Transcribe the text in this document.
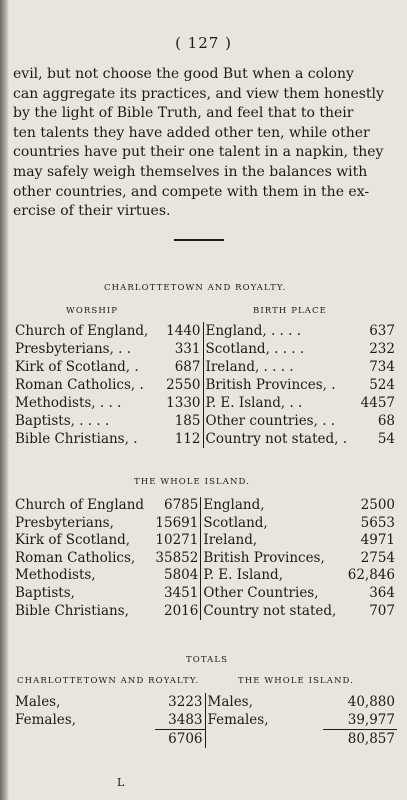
( 127 )
evil, but not choose the good But when a colony
can aggregate its practices, and view them honestly
by the light of Bible Truth, and feel that to their
ten talents they have added other ten, while other
countries have put their one talent in a napkin, they
may safely weigh themselves in the balances with
other countries, and compete with them in the ex-
ercise of their virtues.
CHARLOTTETOWN AND ROYALTY.
WORSHIP	BIRTH PLACE
Church of England,	1440	England, . . . .	637
Presbyterians, . .	331	Scotland, . . . .	232
Kirk of Scotland, .	687	Ireland, . . . .	734
Roman Catholics, .	2550	British Provinces, .	524
Methodists, . . .	1330	P. E. Island, . .	4457
Baptists, . . . .	185	Other countries, . .	68
Bible Christians, .	112	Country not stated, .	54
THE WHOLE ISLAND.
Church of England	6785	England,	2500
Presbyterians,	15691	Scotland,	5653
Kirk of Scotland,	10271	Ireland,	4971
Roman Catholics,	35852	British Provinces,	2754
Methodists,	5804	P. E. Island,	62,846
Baptists,	3451	Other Countries,	364
Bible Christians,	2016	Country not stated,	707
TOTALS
CHARLOTTETOWN AND ROYALTY.	THE WHOLE ISLAND.
Males,	3223	Males,	40,880
Females,	3483	Females,	39,977
	6706		80,857
L
